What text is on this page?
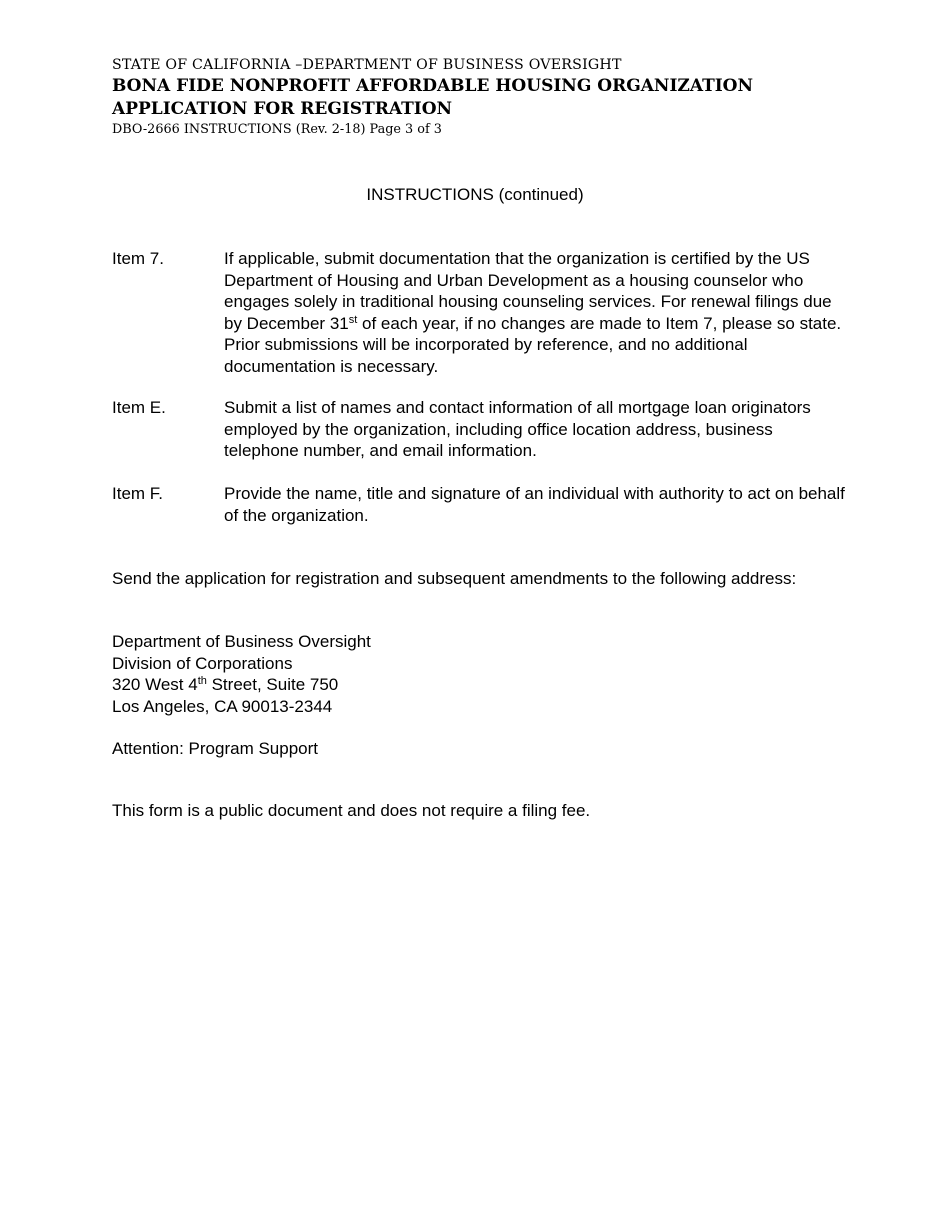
STATE OF CALIFORNIA –DEPARTMENT OF BUSINESS OVERSIGHT
BONA FIDE NONPROFIT AFFORDABLE HOUSING ORGANIZATION
APPLICATION FOR REGISTRATION
DBO-2666 INSTRUCTIONS (Rev. 2-18) Page 3 of 3
INSTRUCTIONS (continued)
Item 7.	If applicable, submit documentation that the organization is certified by the US Department of Housing and Urban Development as a housing counselor who engages solely in traditional housing counseling services. For renewal filings due by December 31st of each year, if no changes are made to Item 7, please so state. Prior submissions will be incorporated by reference, and no additional documentation is necessary.
Item E.	Submit a list of names and contact information of all mortgage loan originators employed by the organization, including office location address, business telephone number, and email information.
Item F.	Provide the name, title and signature of an individual with authority to act on behalf of the organization.
Send the application for registration and subsequent amendments to the following address:
Department of Business Oversight
Division of Corporations
320 West 4th Street, Suite 750
Los Angeles, CA 90013-2344
Attention: Program Support
This form is a public document and does not require a filing fee.
